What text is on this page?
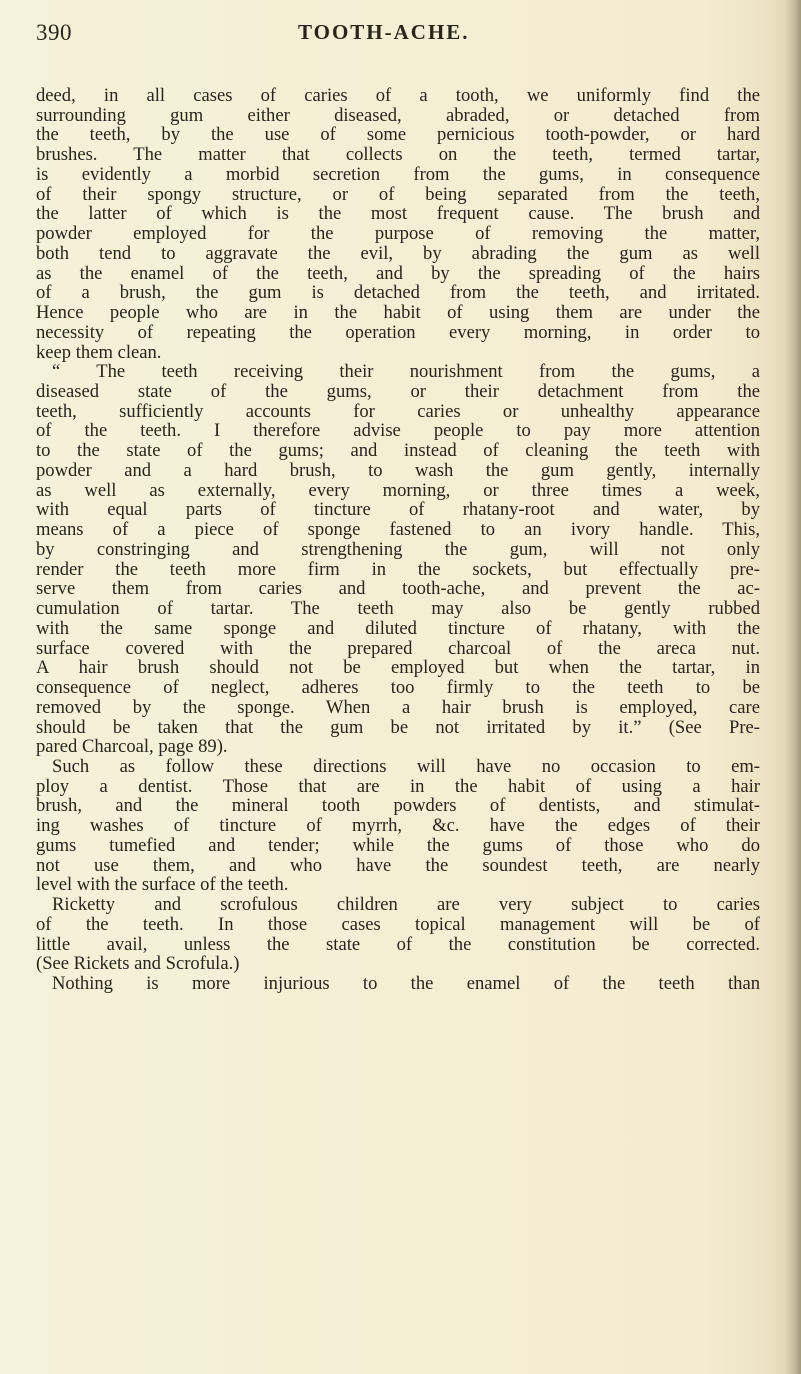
390	TOOTH-ACHE.
deed, in all cases of caries of a tooth, we uniformly find the
surrounding gum either diseased, abraded, or detached from
the teeth, by the use of some pernicious tooth-powder, or hard
brushes. The matter that collects on the teeth, termed tartar,
is evidently a morbid secretion from the gums, in consequence
of their spongy structure, or of being separated from the teeth,
the latter of which is the most frequent cause. The brush and
powder employed for the purpose of removing the matter,
both tend to aggravate the evil, by abrading the gum as well
as the enamel of the teeth, and by the spreading of the hairs
of a brush, the gum is detached from the teeth, and irritated.
Hence people who are in the habit of using them are under the
necessity of repeating the operation every morning, in order to
keep them clean.
“ The teeth receiving their nourishment from the gums, a
diseased state of the gums, or their detachment from the
teeth, sufficiently accounts for caries or unhealthy appearance
of the teeth. I therefore advise people to pay more attention
to the state of the gums; and instead of cleaning the teeth with
powder and a hard brush, to wash the gum gently, internally
as well as externally, every morning, or three times a week,
with equal parts of tincture of rhatany-root and water, by
means of a piece of sponge fastened to an ivory handle. This,
by constringing and strengthening the gum, will not only
render the teeth more firm in the sockets, but effectually pre-
serve them from caries and tooth-ache, and prevent the ac-
cumulation of tartar. The teeth may also be gently rubbed
with the same sponge and diluted tincture of rhatany, with the
surface covered with the prepared charcoal of the areca nut.
A hair brush should not be employed but when the tartar, in
consequence of neglect, adheres too firmly to the teeth to be
removed by the sponge. When a hair brush is employed, care
should be taken that the gum be not irritated by it.” (See Pre-
pared Charcoal, page 89).
Such as follow these directions will have no occasion to em-
ploy a dentist. Those that are in the habit of using a hair
brush, and the mineral tooth powders of dentists, and stimulat-
ing washes of tincture of myrrh, &c. have the edges of their
gums tumefied and tender; while the gums of those who do
not use them, and who have the soundest teeth, are nearly
level with the surface of the teeth.
Ricketty and scrofulous children are very subject to caries
of the teeth. In those cases topical management will be of
little avail, unless the state of the constitution be corrected.
(See Rickets and Scrofula.)
Nothing is more injurious to the enamel of the teeth than
